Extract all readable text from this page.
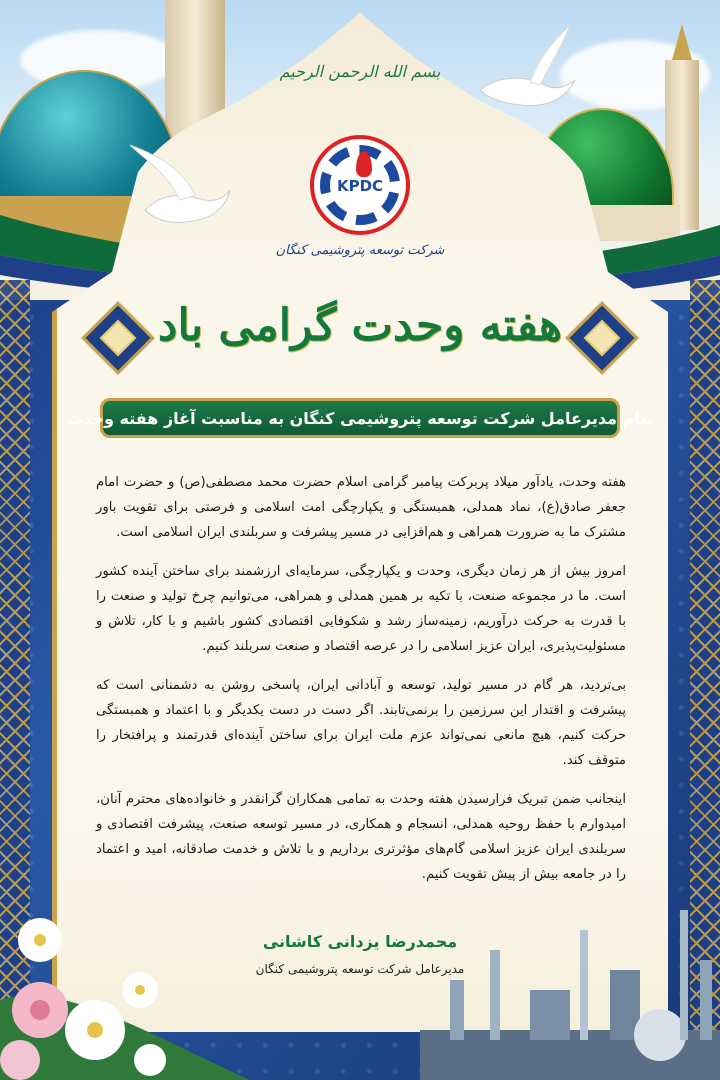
بسم الله الرحمن الرحیم
KPDC
شرکت توسعه پتروشیمی کنگان
هفته وحدت گرامی باد
پیام مدیرعامل شرکت توسعه پتروشیمی کنگان به مناسبت آغاز هفته وحدت

هفته وحدت، یادآور میلاد پربرکت پیامبر گرامی اسلام حضرت محمد مصطفی(ص) و حضرت امام جعفر صادق(ع)، نماد همدلی، همبستگی و یکپارچگی امت اسلامی و فرصتی برای تقویت باور مشترک ما به ضرورت همراهی و هم‌افزایی در مسیر پیشرفت و سربلندی ایران اسلامی است.

امروز بیش از هر زمان دیگری، وحدت و یکپارچگی، سرمایه‌ای ارزشمند برای ساختن آینده کشور است. ما در مجموعه صنعت، با تکیه بر همین همدلی و همراهی، می‌توانیم چرخ تولید و صنعت را با قدرت به حرکت درآوریم، زمینه‌ساز رشد و شکوفایی اقتصادی کشور باشیم و با کار، تلاش و مسئولیت‌پذیری، ایران عزیز اسلامی را در عرصه اقتصاد و صنعت سربلند کنیم.

بی‌تردید، هر گام در مسیر تولید، توسعه و آبادانی ایران، پاسخی روشن به دشمنانی است که پیشرفت و اقتدار این سرزمین را برنمی‌تابند. اگر دست در دست یکدیگر و با اعتماد و همبستگی حرکت کنیم، هیچ مانعی نمی‌تواند عزم ملت ایران برای ساختن آینده‌ای قدرتمند و پرافتخار را متوقف کند.

اینجانب ضمن تبریک فرارسیدن هفته وحدت به تمامی همکاران گرانقدر و خانواده‌های محترم آنان، امیدوارم با حفظ روحیه همدلی، انسجام و همکاری، در مسیر توسعه صنعت، پیشرفت اقتصادی و سربلندی ایران عزیز اسلامی گام‌های مؤثرتری برداریم و با تلاش و خدمت صادقانه، امید و اعتماد را در جامعه بیش از پیش تقویت کنیم.

محمدرضا یزدانی کاشانی
مدیرعامل شرکت توسعه پتروشیمی کنگان
